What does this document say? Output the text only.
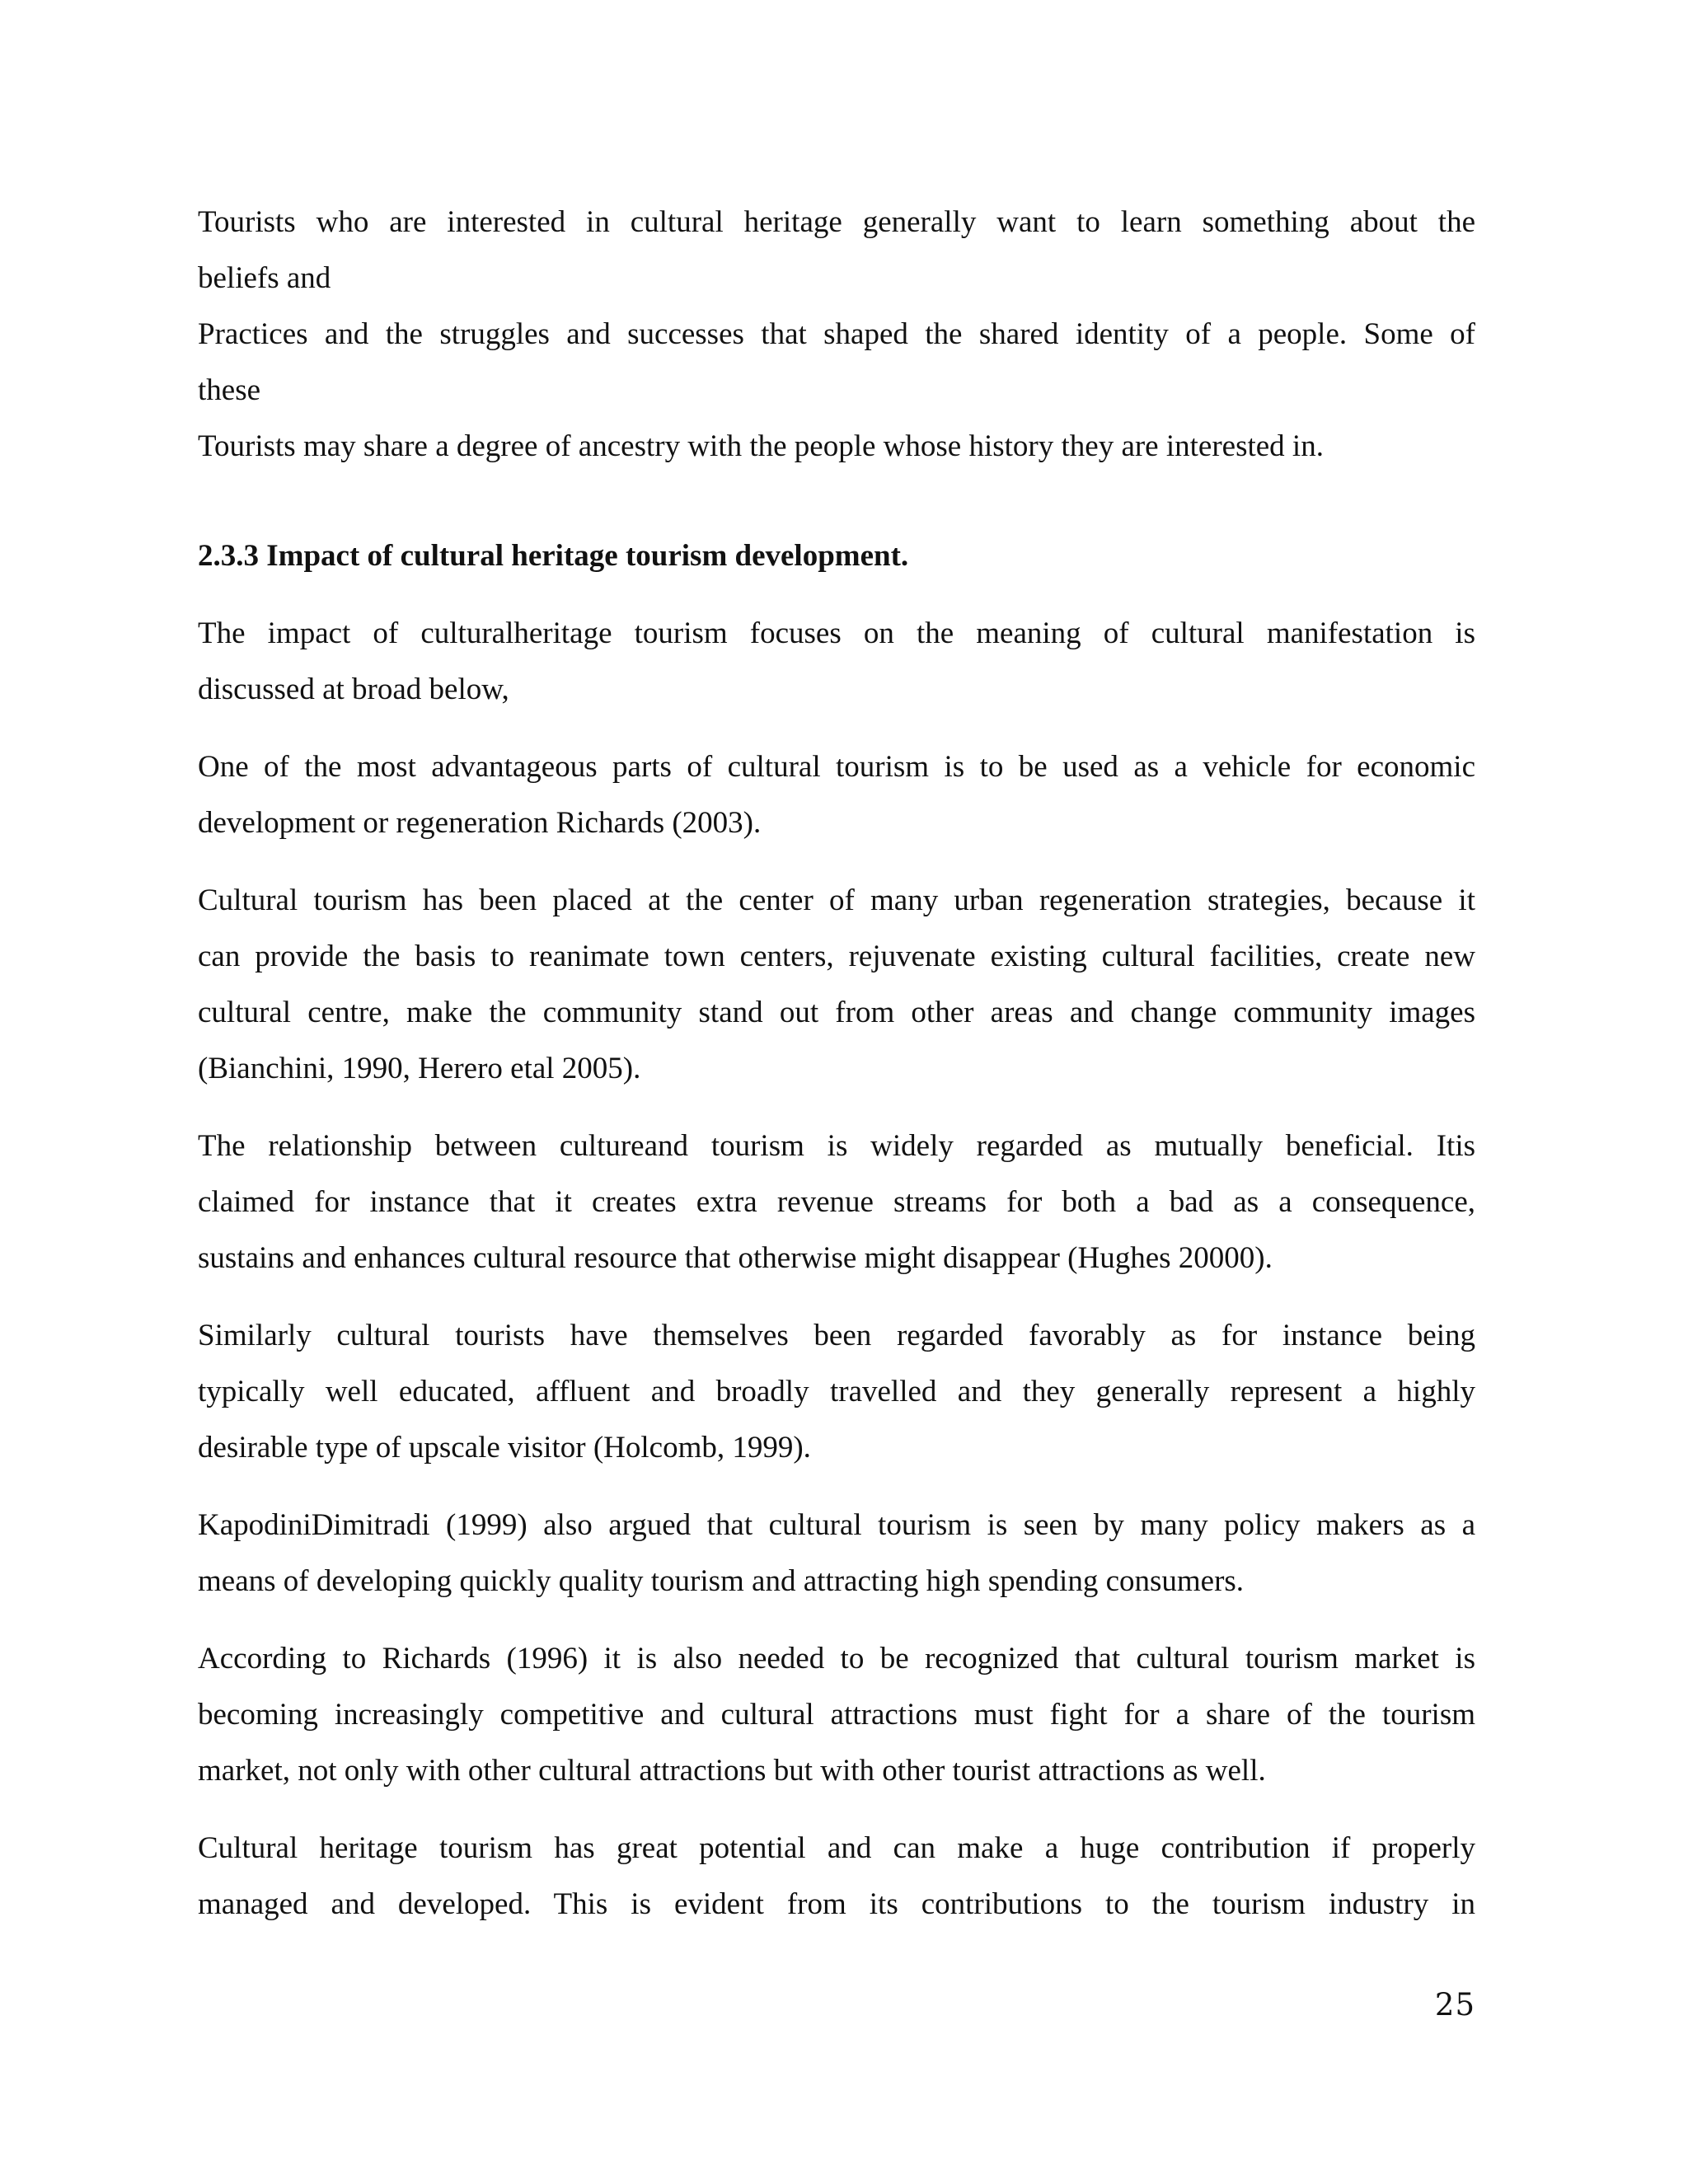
Tourists who are interested in cultural heritage generally want to learn something about the

beliefs and

Practices and the struggles and successes that shaped the shared identity of a people. Some of

these

Tourists may share a degree of ancestry with the people whose history they are interested in.

2.3.3 Impact of cultural heritage tourism development.

The impact of culturalheritage tourism focuses on the meaning of cultural manifestation is

discussed at broad below,

One of the most advantageous parts of cultural tourism is to be used as a vehicle for economic

development or regeneration Richards (2003).

Cultural tourism has been placed at the center of many urban regeneration strategies, because it

can provide the basis to reanimate town centers, rejuvenate existing cultural facilities, create new

cultural centre, make the community stand out from other areas and change community images

(Bianchini, 1990, Herero etal 2005).

The relationship between cultureand tourism is widely regarded as mutually beneficial. Itis

claimed for instance that it creates extra revenue streams for both a bad as a consequence,

sustains and enhances cultural resource that otherwise might disappear (Hughes 20000).

Similarly cultural tourists have themselves been regarded favorably as for instance being

typically well educated, affluent and broadly travelled and they generally represent a highly

desirable type of upscale visitor (Holcomb, 1999).

KapodiniDimitradi (1999) also argued that cultural tourism is seen by many policy makers as a

means of developing quickly quality tourism and attracting high spending consumers.

According to Richards (1996) it is also needed to be recognized that cultural tourism market is

becoming increasingly competitive and cultural attractions must fight for a share of the tourism

market, not only with other cultural attractions but with other tourist attractions as well.

Cultural heritage tourism has great potential and can make a huge contribution if properly

managed and developed. This is evident from its contributions to the tourism industry in

25
